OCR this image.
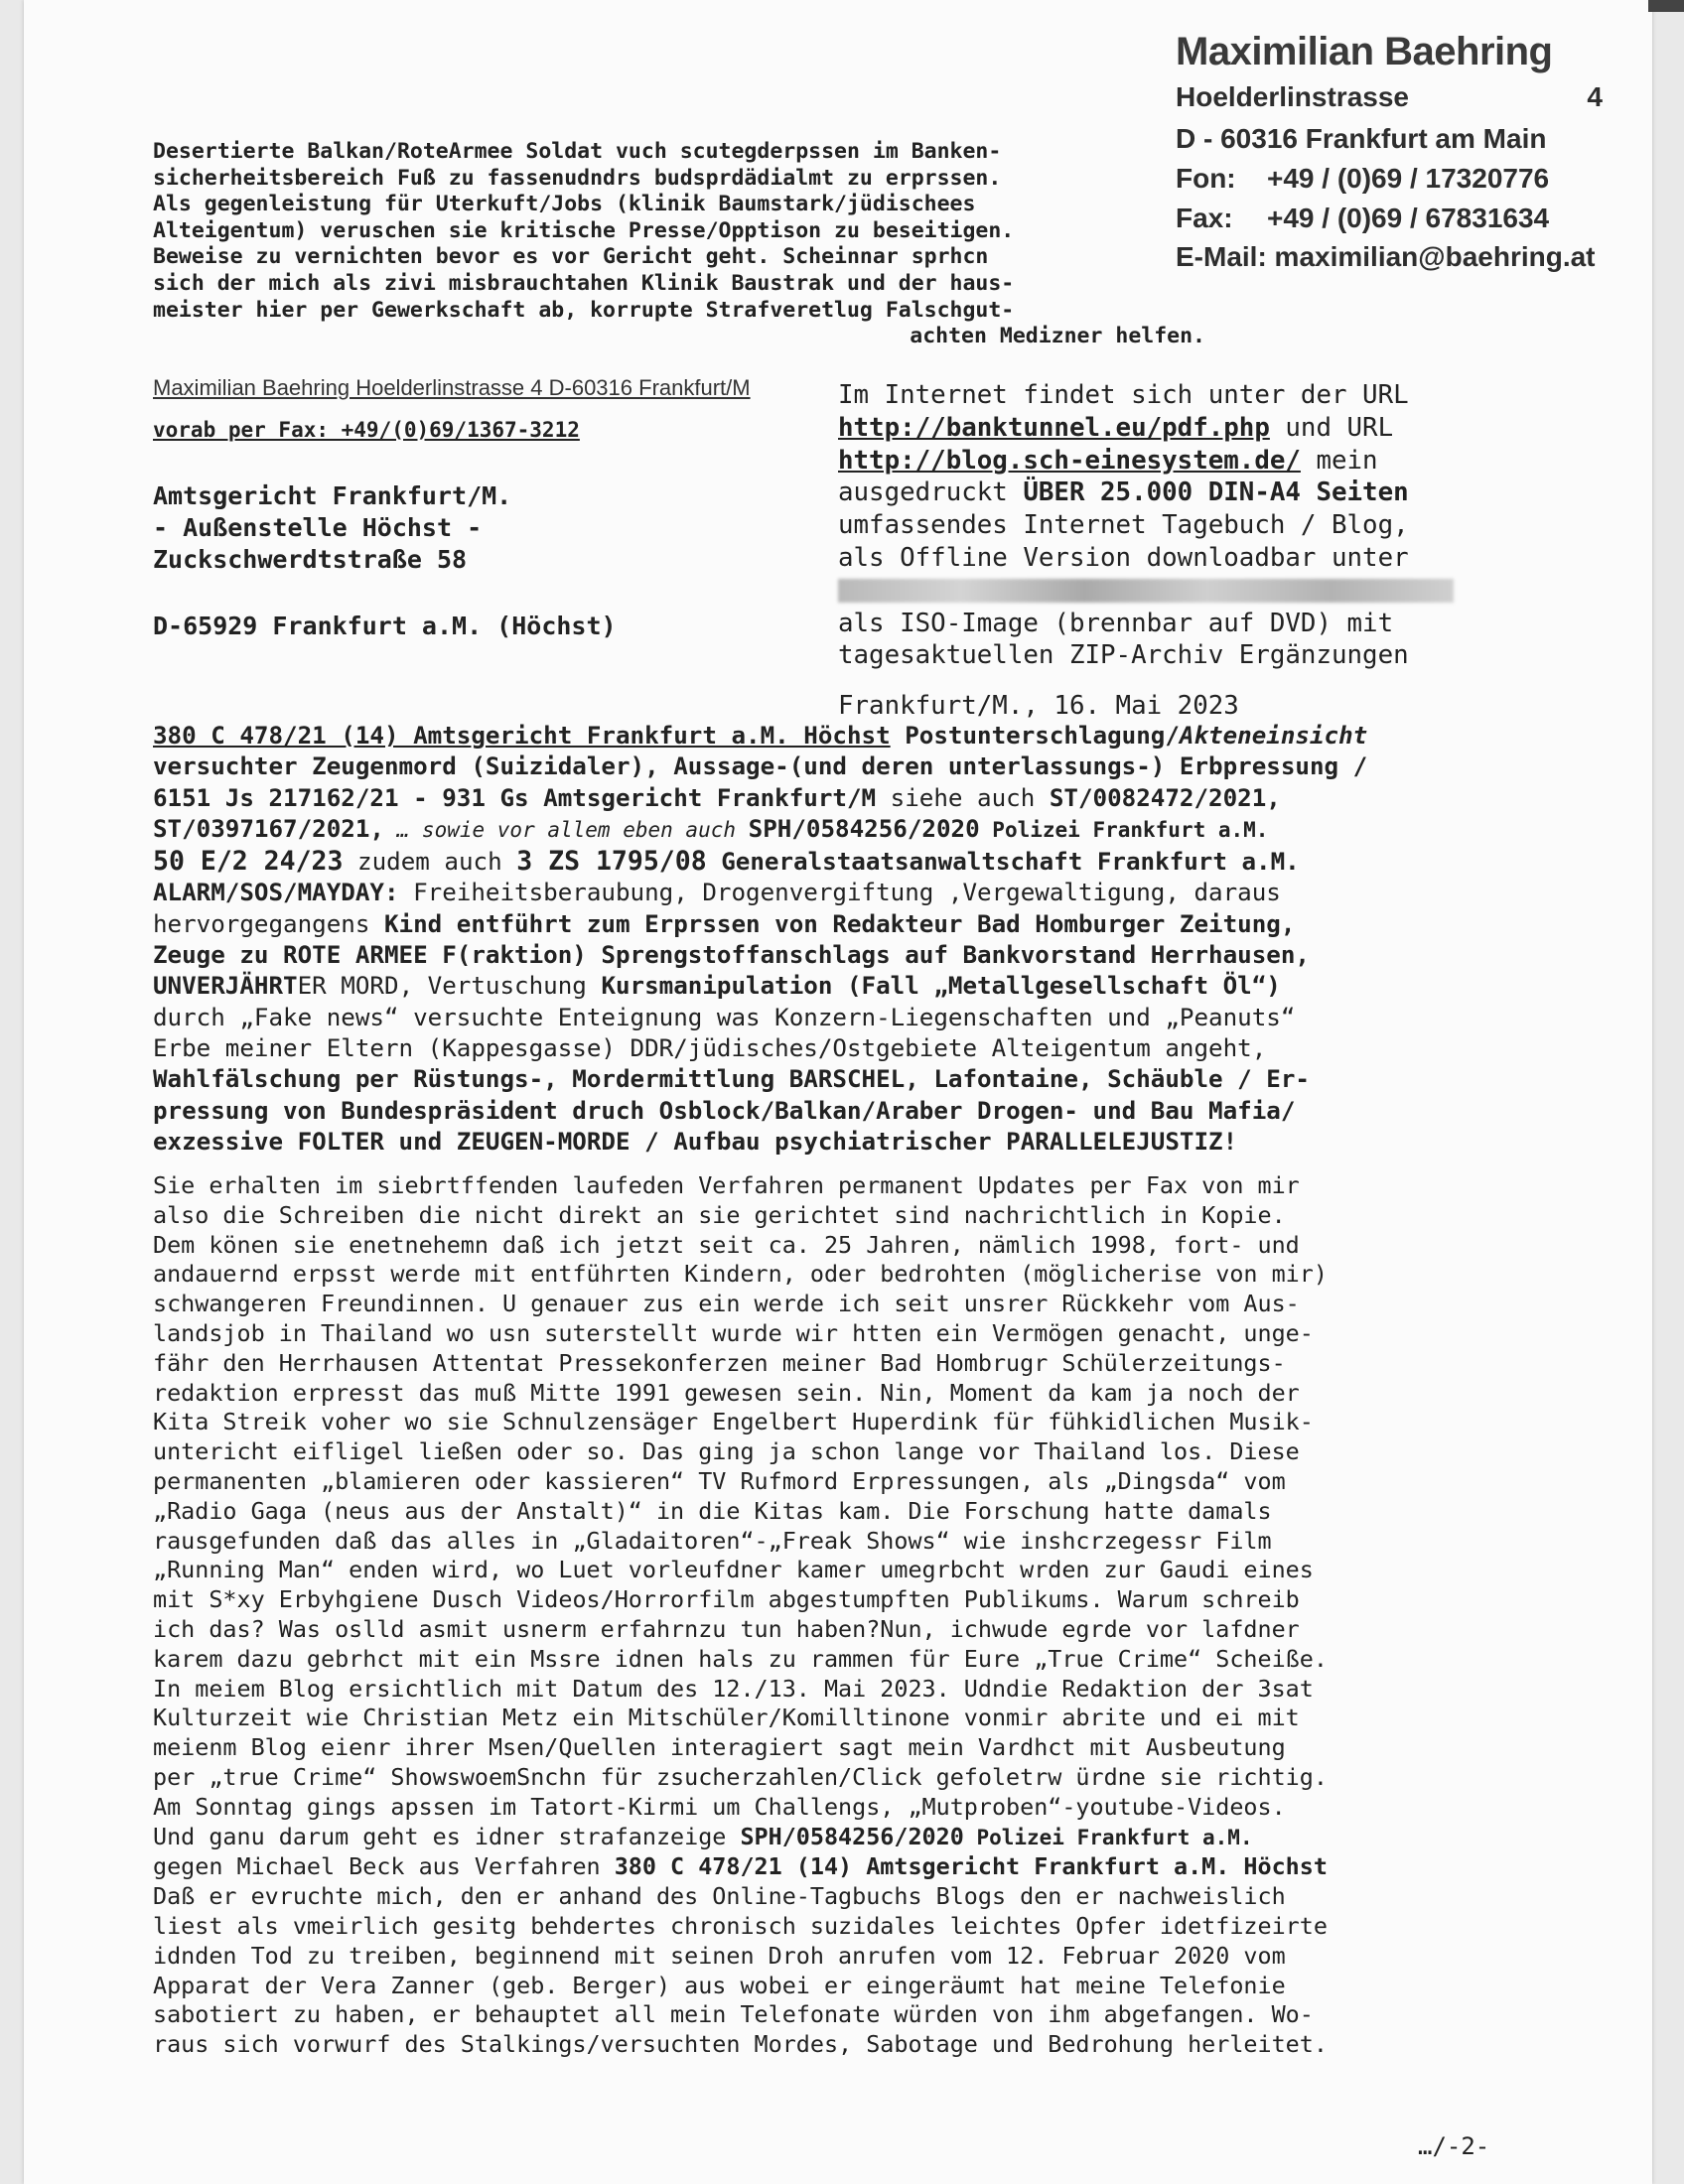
Maximilian Baehring
Hoelderlinstrasse	4
D - 60316 Frankfurt am Main
Fon: +49 / (0)69 / 17320776
Fax: +49 / (0)69 / 67831634
E-Mail: maximilian@baehring.at
Desertierte Balkan/RoteArmee Soldat vuch scutegderpssen im Banken-
sicherheitsbereich Fuß zu fassenudndrs budsprdädialmt zu erprssen.
Als gegenleistung für Uterkuft/Jobs (klinik Baumstark/jüdischees
Alteigentum) veruschen sie kritische Presse/Opptison zu beseitigen.
Beweise zu vernichten bevor es vor Gericht geht. Scheinnar sprhcn
sich der mich als zivi misbrauchtahen Klinik Baustrak und der haus-
meister hier per Gewerkschaft ab, korrupte Strafveretlug Falschgut-
achten Medizner helfen.
Maximilian Baehring Hoelderlinstrasse 4 D-60316 Frankfurt/M
vorab per Fax: +49/(0)69/1367-3212
Amtsgericht Frankfurt/M.
- Außenstelle Höchst -
Zuckschwerdtstraße 58
D-65929 Frankfurt a.M. (Höchst)
Im Internet findet sich unter der URL
http://banktunnel.eu/pdf.php und URL
http://blog.sch-einesystem.de/ mein
ausgedruckt ÜBER 25.000 DIN-A4 Seiten
umfassendes Internet Tagebuch / Blog,
als Offline Version downloadbar unter
als ISO-Image (brennbar auf DVD) mit
tagesaktuellen ZIP-Archiv Ergänzungen
Frankfurt/M., 16. Mai 2023
380 C 478/21 (14) Amtsgericht Frankfurt a.M. Höchst Postunterschlagung/Akteneinsicht
versuchter Zeugenmord (Suizidaler), Aussage-(und deren unterlassungs-) Erbpressung /
6151 Js 217162/21 - 931 Gs Amtsgericht Frankfurt/M siehe auch ST/0082472/2021,
ST/0397167/2021, … sowie vor allem eben auch SPH/0584256/2020 Polizei Frankfurt a.M.
50 E/2 24/23 zudem auch 3 ZS 1795/08 Generalstaatsanwaltschaft Frankfurt a.M.
ALARM/SOS/MAYDAY: Freiheitsberaubung, Drogenvergiftung ,Vergewaltigung, daraus
hervorgegangens Kind entführt zum Erprssen von Redakteur Bad Homburger Zeitung,
Zeuge zu ROTE ARMEE F(raktion) Sprengstoffanschlags auf Bankvorstand Herrhausen,
UNVERJÄHRTER MORD, Vertuschung Kursmanipulation (Fall „Metallgesellschaft Öl“)
durch „Fake news“ versuchte Enteignung was Konzern-Liegenschaften und „Peanuts“
Erbe meiner Eltern (Kappesgasse) DDR/jüdisches/Ostgebiete Alteigentum angeht,
Wahlfälschung per Rüstungs-, Mordermittlung BARSCHEL, Lafontaine, Schäuble / Er-
pressung von Bundespräsident druch Osblock/Balkan/Araber Drogen- und Bau Mafia/
exzessive FOLTER und ZEUGEN-MORDE / Aufbau psychiatrischer PARALLELEJUSTIZ!
Sie erhalten im siebrtffenden laufeden Verfahren permanent Updates per Fax von mir
also die Schreiben die nicht direkt an sie gerichtet sind nachrichtlich in Kopie.
Dem könen sie enetnehemn daß ich jetzt seit ca. 25 Jahren, nämlich 1998, fort- und
andauernd erpsst werde mit entführten Kindern, oder bedrohten (möglicherise von mir)
schwangeren Freundinnen. U genauer zus ein werde ich seit unsrer Rückkehr vom Aus-
landsjob in Thailand wo usn suterstellt wurde wir htten ein Vermögen genacht, unge-
fähr den Herrhausen Attentat Pressekonferzen meiner Bad Hombrugr Schülerzeitungs-
redaktion erpresst das muß Mitte 1991 gewesen sein. Nin, Moment da kam ja noch der
Kita Streik voher wo sie Schnulzensäger Engelbert Huperdink für fühkidlichen Musik-
untericht eifligel ließen oder so. Das ging ja schon lange vor Thailand los. Diese
permanenten „blamieren oder kassieren“ TV Rufmord Erpressungen, als „Dingsda“ vom
„Radio Gaga (neus aus der Anstalt)“ in die Kitas kam. Die Forschung hatte damals
rausgefunden daß das alles in „Gladaitoren“-„Freak Shows“ wie inshcrzegessr Film
„Running Man“ enden wird, wo Luet vorleufdner kamer umegrbcht wrden zur Gaudi eines
mit S*xy Erbyhgiene Dusch Videos/Horrorfilm abgestumpften Publikums. Warum schreib
ich das? Was oslld asmit usnerm erfahrnzu tun haben?Nun, ichwude egrde vor lafdner
karem dazu gebrhct mit ein Mssre idnen hals zu rammen für Eure „True Crime“ Scheiße.
In meiem Blog ersichtlich mit Datum des 12./13. Mai 2023. Udndie Redaktion der 3sat
Kulturzeit wie Christian Metz ein Mitschüler/Komilltinone vonmir abrite und ei mit
meienm Blog eienr ihrer Msen/Quellen interagiert sagt mein Vardhct mit Ausbeutung
per „true Crime“ ShowswoemSnchn für zsucherzahlen/Click gefoletrw ürdne sie richtig.
Am Sonntag gings apssen im Tatort-Kirmi um Challengs, „Mutproben“-youtube-Videos.
Und ganu darum geht es idner strafanzeige SPH/0584256/2020 Polizei Frankfurt a.M.
gegen Michael Beck aus Verfahren 380 C 478/21 (14) Amtsgericht Frankfurt a.M. Höchst
Daß er evruchte mich, den er anhand des Online-Tagbuchs Blogs den er nachweislich
liest als vmeirlich gesitg behdertes chronisch suzidales leichtes Opfer idetfizeirte
idnden Tod zu treiben, beginnend mit seinen Droh anrufen vom 12. Februar 2020 vom
Apparat der Vera Zanner (geb. Berger) aus wobei er eingeräumt hat meine Telefonie
sabotiert zu haben, er behauptet all mein Telefonate würden von ihm abgefangen. Wo-
raus sich vorwurf des Stalkings/versuchten Mordes, Sabotage und Bedrohung herleitet.
…/-2-
